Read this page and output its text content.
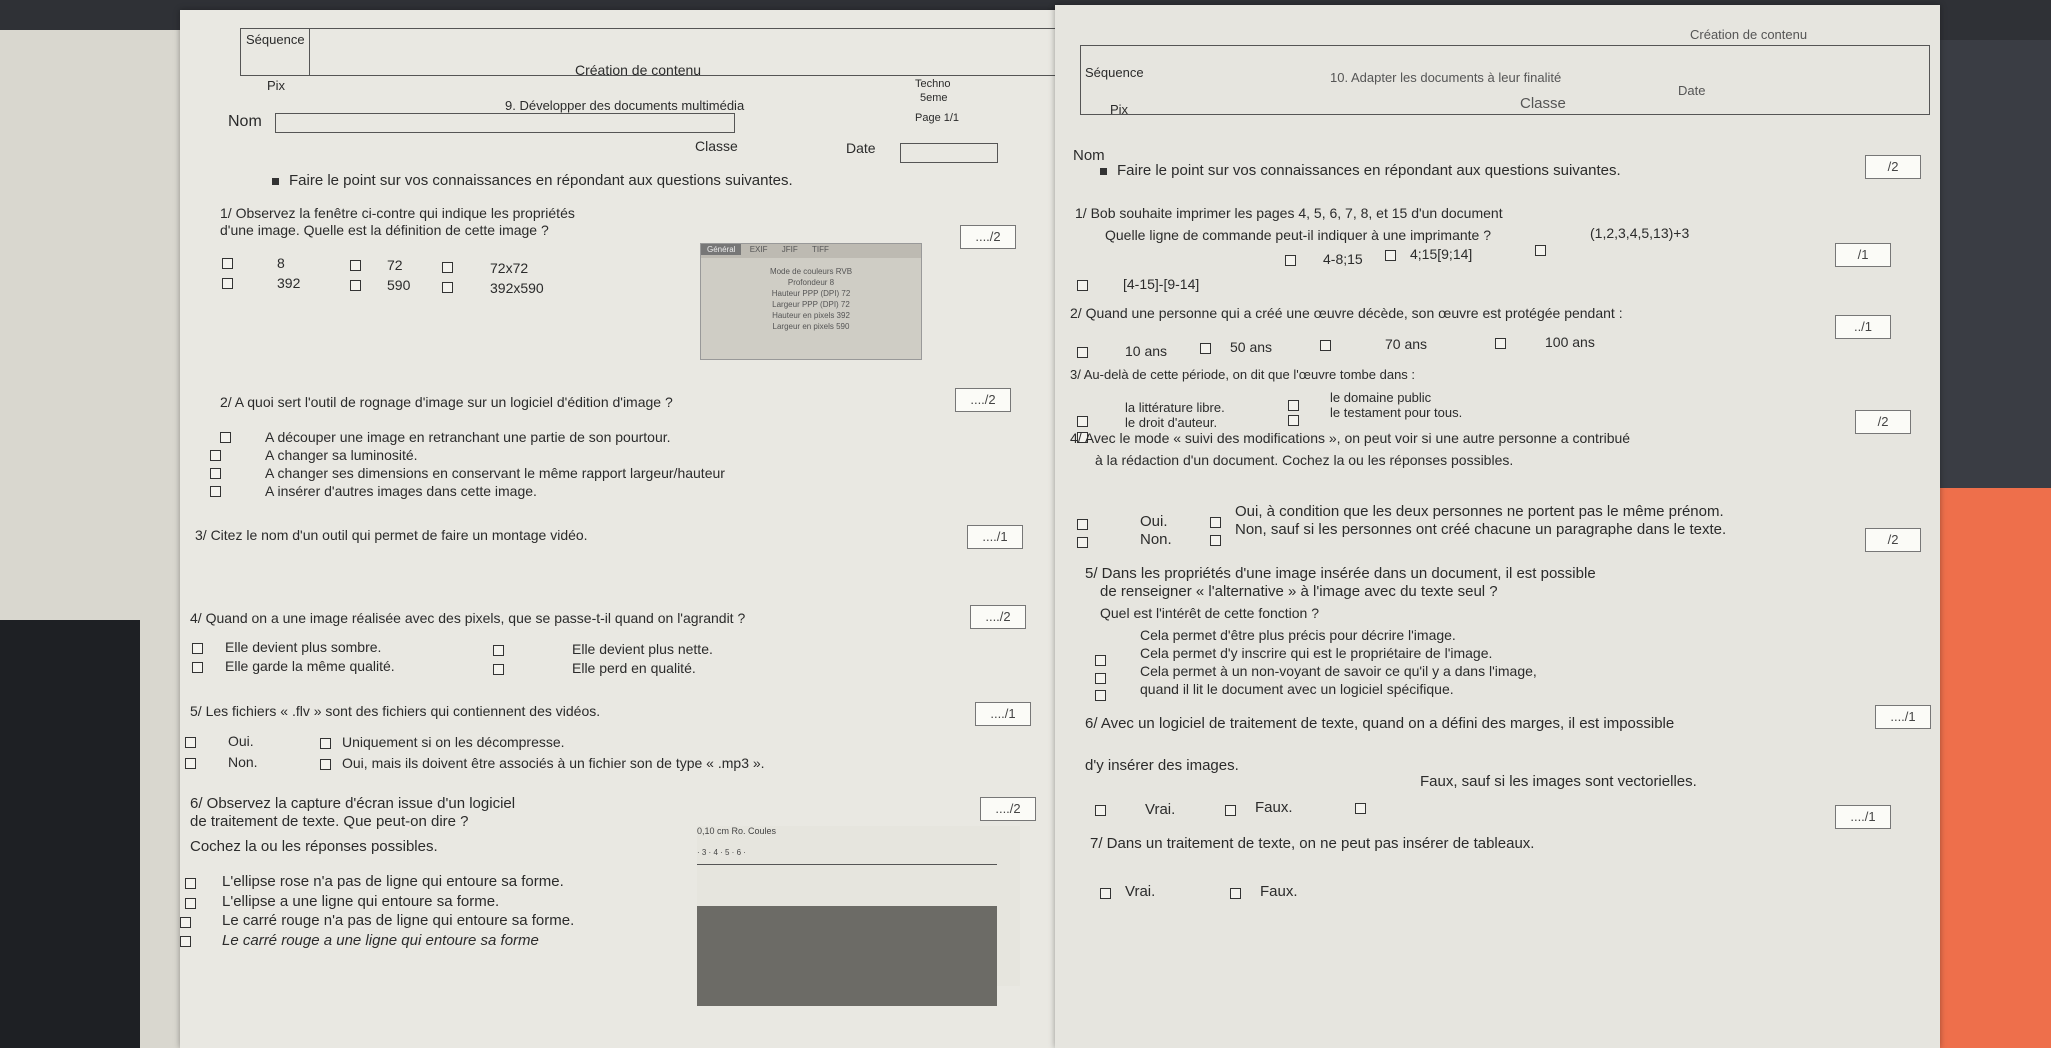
Séquence
Création de contenu
Pix
9. Développer des documents multimédia
Techno
5eme
Page 1/1
Nom
Classe	Date
Faire le point sur vos connaissances en répondant aux questions suivantes.
1/ Observez la fenêtre ci-contre qui indique les propriétés
d'une image. Quelle est la définition de cette image ?	..../2
8	72	72x72
392	590	392x590
2/ A quoi sert l'outil de rognage d'image sur un logiciel d'édition d'image ?	..../2
A découper une image en retranchant une partie de son pourtour.
A changer sa luminosité.
A changer ses dimensions en conservant le même rapport largeur/hauteur
A insérer d'autres images dans cette image.
3/ Citez le nom d'un outil qui permet de faire un montage vidéo.	..../1
4/ Quand on a une image réalisée avec des pixels, que se passe-t-il quand on l'agrandit ?	..../2
Elle devient plus sombre.	Elle devient plus nette.
Elle garde la même qualité.	Elle perd en qualité.
5/ Les fichiers « .flv » sont des fichiers qui contiennent des vidéos.	..../1
Oui.	Uniquement si on les décompresse.
Non.	Oui, mais ils doivent être associés à un fichier son de type « .mp3 ».
6/ Observez la capture d'écran issue d'un logiciel
de traitement de texte. Que peut-on dire ?
Cochez la ou les réponses possibles.
..../2
L'ellipse rose n'a pas de ligne qui entoure sa forme.
L'ellipse a une ligne qui entoure sa forme.
Le carré rouge n'a pas de ligne qui entoure sa forme.
Le carré rouge a une ligne qui entoure sa forme
Général EXIF JFIF TIFF
Mode de couleurs RVB
Profondeur 8
Hauteur PPP (DPI) 72
Largeur PPP (DPI) 72
Hauteur en pixels 392
Largeur en pixels 590
0,10 cm Ro. Coules
· 3 · 4 · 5 · 6 ·
Séquence
Création de contenu
Pix
10. Adapter les documents à leur finalité
Classe
Date
Nom
Faire le point sur vos connaissances en répondant aux questions suivantes.	/2
1/ Bob souhaite imprimer les pages 4, 5, 6, 7, 8, et 15 d'un document
Quelle ligne de commande peut-il indiquer à une imprimante ?	(1,2,3,4,5,13)+3
4-8;15	4;15[9;14]
[4-15]-[9-14]
/1
2/ Quand une personne qui a créé une œuvre décède, son œuvre est protégée pendant :
10 ans	50 ans	70 ans	100 ans
../1
3/ Au-delà de cette période, on dit que l'œuvre tombe dans :
la littérature libre.
le domaine public
le droit d'auteur.
le testament pour tous.
4/ Avec le mode « suivi des modifications », on peut voir si une autre personne a contribué
à la rédaction d'un document. Cochez la ou les réponses possibles.
/2
Oui.
Oui, à condition que les deux personnes ne portent pas le même prénom.
Non.
Non, sauf si les personnes ont créé chacune un paragraphe dans le texte.
/2
5/ Dans les propriétés d'une image insérée dans un document, il est possible
de renseigner « l'alternative » à l'image avec du texte seul ?
Quel est l'intérêt de cette fonction ?
Cela permet d'être plus précis pour décrire l'image.
Cela permet d'y inscrire qui est le propriétaire de l'image.
Cela permet à un non-voyant de savoir ce qu'il y a dans l'image,
quand il lit le document avec un logiciel spécifique.
..../1
6/ Avec un logiciel de traitement de texte, quand on a défini des marges, il est impossible
d'y insérer des images.
Vrai.	Faux.
Faux, sauf si les images sont vectorielles.
..../1
7/ Dans un traitement de texte, on ne peut pas insérer de tableaux.
Vrai.	Faux.
